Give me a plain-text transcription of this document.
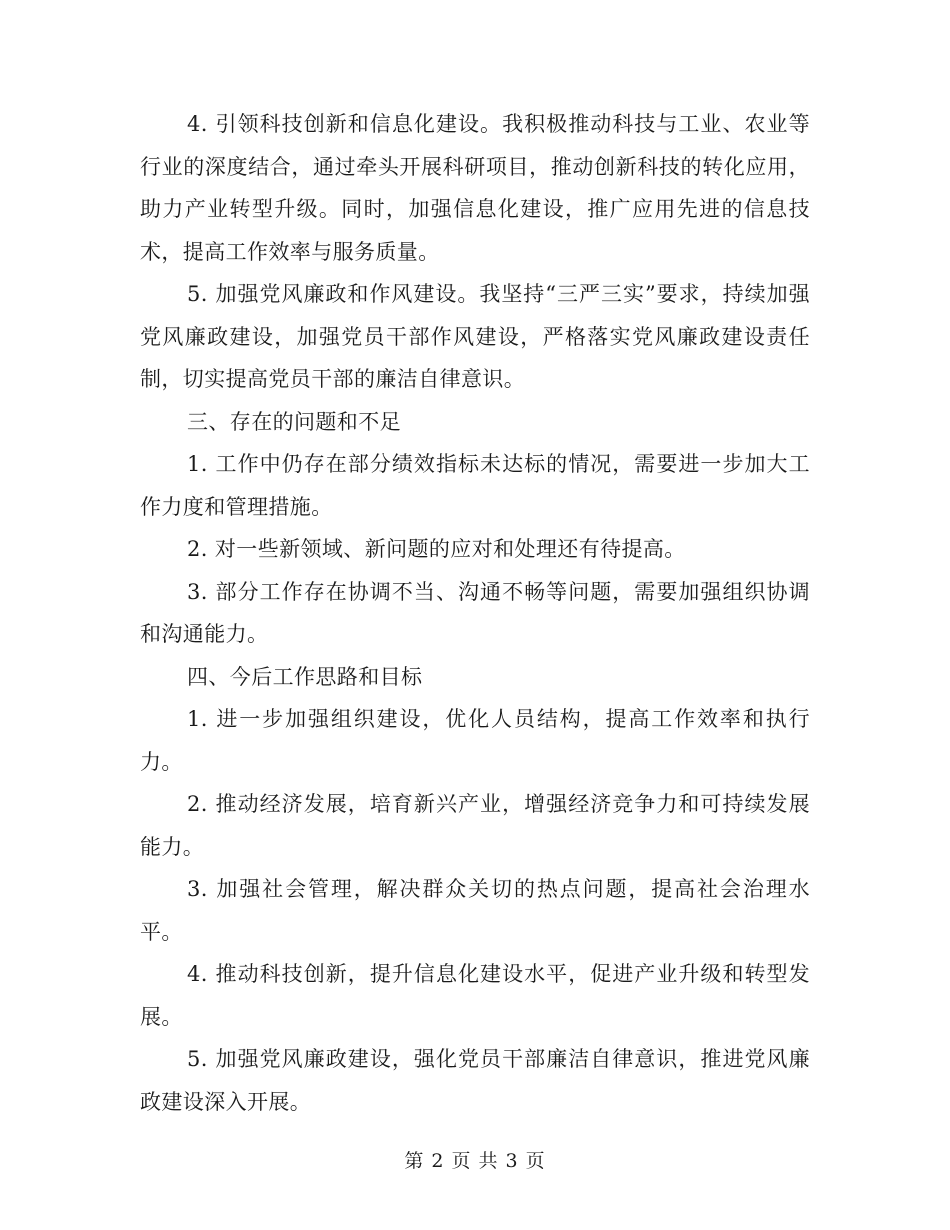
4. 引领科技创新和信息化建设。我积极推动科技与工业、农业等行业的深度结合，通过牵头开展科研项目，推动创新科技的转化应用，助力产业转型升级。同时，加强信息化建设，推广应用先进的信息技术，提高工作效率与服务质量。

5. 加强党风廉政和作风建设。我坚持“三严三实”要求，持续加强党风廉政建设，加强党员干部作风建设，严格落实党风廉政建设责任制，切实提高党员干部的廉洁自律意识。

三、存在的问题和不足

1. 工作中仍存在部分绩效指标未达标的情况，需要进一步加大工作力度和管理措施。

2. 对一些新领域、新问题的应对和处理还有待提高。

3. 部分工作存在协调不当、沟通不畅等问题，需要加强组织协调和沟通能力。

四、今后工作思路和目标

1. 进一步加强组织建设，优化人员结构，提高工作效率和执行力。

2. 推动经济发展，培育新兴产业，增强经济竞争力和可持续发展能力。

3. 加强社会管理，解决群众关切的热点问题，提高社会治理水平。

4. 推动科技创新，提升信息化建设水平，促进产业升级和转型发展。

5. 加强党风廉政建设，强化党员干部廉洁自律意识，推进党风廉政建设深入开展。

第 2 页 共 3 页
